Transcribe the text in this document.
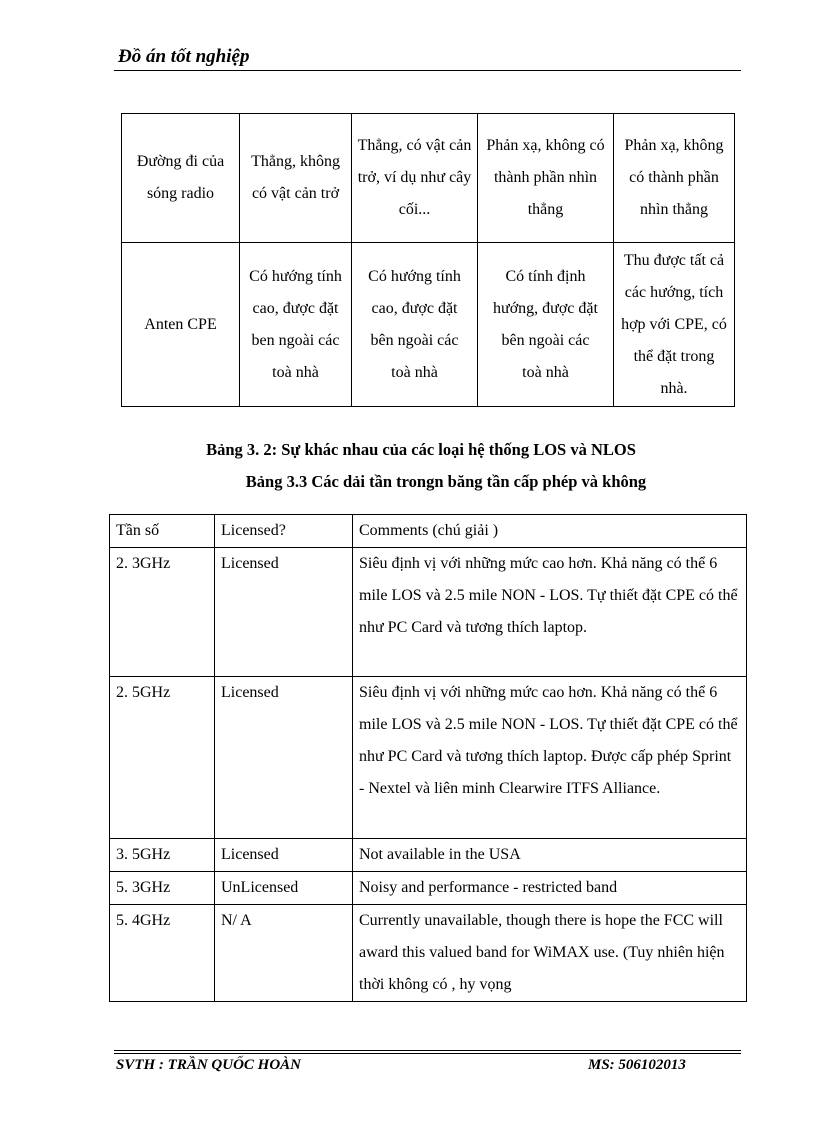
Đồ án tốt nghiệp
Đường đi của sóng radio	Thẳng, không có vật cản trở	Thẳng, có vật cản trở, ví dụ như cây cối...	Phản xạ, không có thành phần nhìn thẳng	Phản xạ, không có thành phần nhìn thẳng
Anten CPE	Có hướng tính cao, được đặt ben ngoài các toà nhà	Có hướng tính cao, được đặt bên ngoài các toà nhà	Có tính định hướng, được đặt bên ngoài các toà nhà	Thu được tất cả các hướng, tích hợp với CPE, có thể đặt trong nhà.
Bảng 3. 2: Sự khác nhau của các loại hệ thống LOS và NLOS
Bảng 3.3 Các dải tần trongn băng tần cấp phép và không
Tần số	Licensed?	Comments (chú giải )
2. 3GHz	Licensed	Siêu định vị với những mức cao hơn. Khả năng có thể 6 mile LOS và 2.5 mile NON - LOS. Tự thiết đặt CPE có thể như PC Card và tương thích laptop.
2. 5GHz	Licensed	Siêu định vị với những mức cao hơn. Khả năng có thể 6 mile LOS và 2.5 mile NON - LOS. Tự thiết đặt CPE có thể như PC Card và tương thích laptop. Được cấp phép Sprint - Nextel và liên minh Clearwire ITFS Alliance.
3. 5GHz	Licensed	Not available in the USA
5. 3GHz	UnLicensed	Noisy and performance - restricted band
5. 4GHz	N/ A	Currently unavailable, though there is hope the FCC will award this valued band for WiMAX use. (Tuy nhiên hiện thời không có , hy vọng
SVTH : TRẦN QUỐC HOÀN	MS: 506102013
